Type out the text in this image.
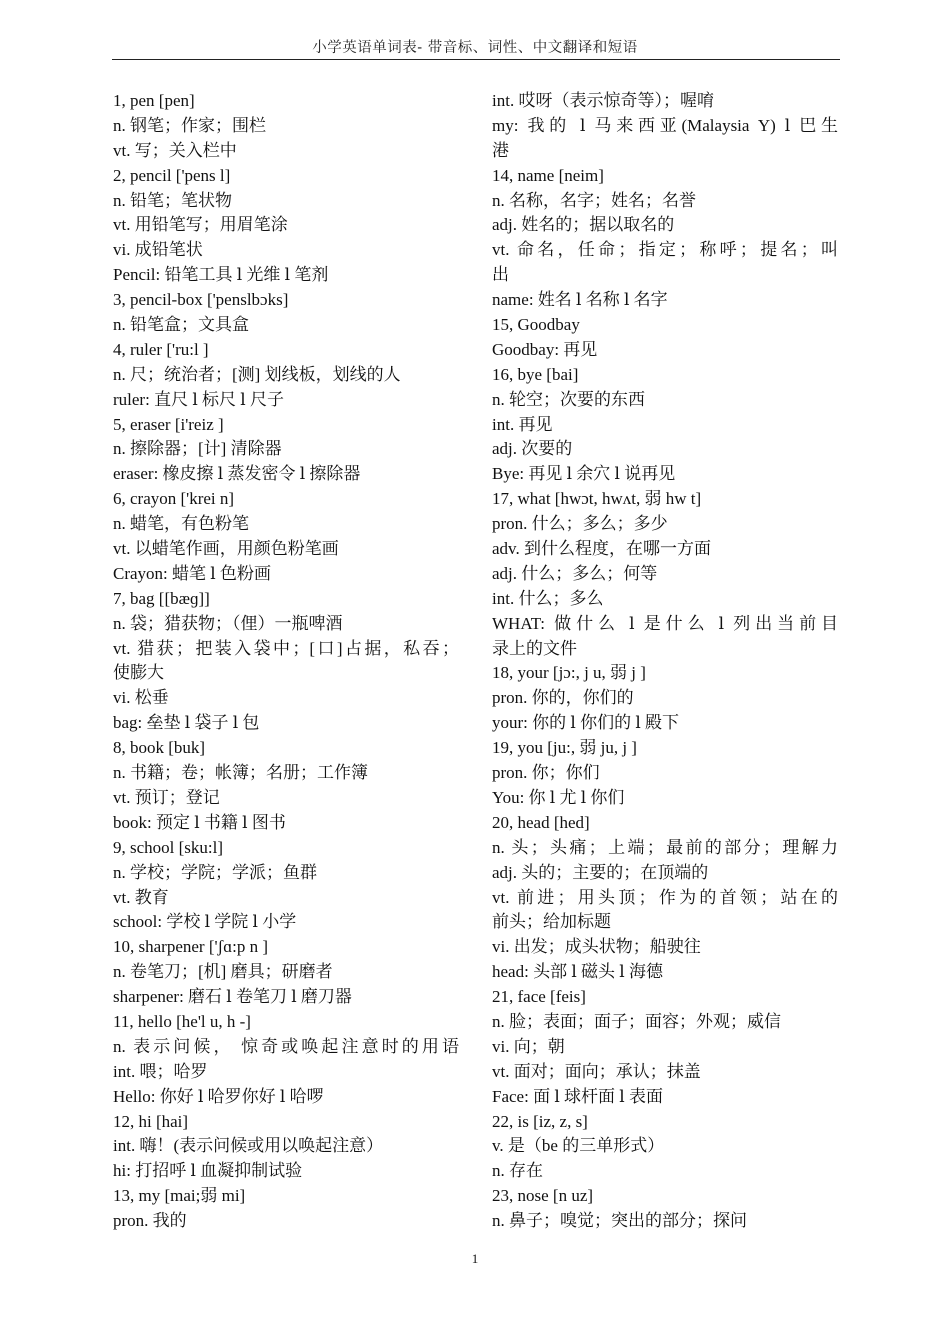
小学英语单词表- 带音标、词性、中文翻译和短语
1, pen [pen]
n. 钢笔；作家；围栏
vt. 写；关入栏中
2, pencil ['pens l]
n. 铅笔；笔状物
vt. 用铅笔写；用眉笔涂
vi. 成铅笔状
Pencil: 铅笔工具 ⅼ 光维 ⅼ 笔剂
3, pencil-box ['penslbɔks]
n. 铅笔盒；文具盒
4, ruler ['ru:l ]
n. 尺；统治者；[测] 划线板，划线的人
ruler: 直尺 ⅼ 标尺 ⅼ 尺子
5, eraser [i'reiz ]
n. 擦除器；[计] 清除器
eraser: 橡皮擦 ⅼ 蒸发密令 ⅼ 擦除器
6, crayon ['krei n]
n. 蜡笔，有色粉笔
vt. 以蜡笔作画，用颜色粉笔画
Crayon: 蜡笔 ⅼ 色粉画
7, bag [[bæɡ]]
n. 袋；猎获物；（俚）一瓶啤酒
vt. 猎获；把装入袋中；[口]占据，私吞；
使膨大
vi. 松垂
bag: 垒垫 ⅼ 袋子 ⅼ 包
8, book [buk]
n. 书籍；卷；帐簿；名册；工作簿
vt. 预订；登记
book: 预定 ⅼ 书籍 ⅼ 图书
9, school [sku:l]
n. 学校；学院；学派；鱼群
vt. 教育
school: 学校 ⅼ 学院 ⅼ 小学
10, sharpener ['ʃɑ:p n ]
n. 卷笔刀；[机] 磨具；研磨者
sharpener: 磨石 ⅼ 卷笔刀 ⅼ 磨刀器
11, hello [he'l u, h -]
n. 表示问候， 惊奇或唤起注意时的用语
int. 喂；哈罗
Hello: 你好 ⅼ 哈罗你好 ⅼ 哈啰
12, hi [hai]
int. 嗨！(表示问候或用以唤起注意）
hi: 打招呼 ⅼ 血凝抑制试验
13, my [mai;弱 mi]
pron. 我的
int. 哎呀（表示惊奇等）；喔唷
my: 我的 ⅼ 马来西亚(Malaysia Y) ⅼ 巴生
港
14, name [neim]
n. 名称，名字；姓名；名誉
adj. 姓名的；据以取名的
vt. 命名，任命；指定；称呼；提名；叫
出
name: 姓名 ⅼ 名称 ⅼ 名字
15, Goodbay
Goodbay: 再见
16, bye [bai]
n. 轮空；次要的东西
int. 再见
adj. 次要的
Bye: 再见 ⅼ 余穴 ⅼ 说再见
17, what [hwɔt, hwʌt, 弱 hw t]
pron. 什么；多么；多少
adv. 到什么程度，在哪一方面
adj. 什么；多么；何等
int. 什么；多么
WHAT: 做什么 ⅼ 是什么 ⅼ 列出当前目
录上的文件
18, your [jɔ:, j u, 弱 j ]
pron. 你的，你们的
your: 你的 ⅼ 你们的 ⅼ 殿下
19, you [ju:, 弱 ju, j ]
pron. 你；你们
You: 你 ⅼ 尤 ⅼ 你们
20, head [hed]
n. 头；头痛；上端；最前的部分；理解力
adj. 头的；主要的；在顶端的
vt. 前进；用头顶；作为的首领；站在的
前头；给加标题
vi. 出发；成头状物；船驶往
head: 头部 ⅼ 磁头 ⅼ 海德
21, face [feis]
n. 脸；表面；面子；面容；外观；威信
vi. 向；朝
vt. 面对；面向；承认；抹盖
Face: 面 ⅼ 球杆面 ⅼ 表面
22, is [iz, z, s]
v. 是（be 的三单形式）
n. 存在
23, nose [n uz]
n. 鼻子；嗅觉；突出的部分；探问
1
